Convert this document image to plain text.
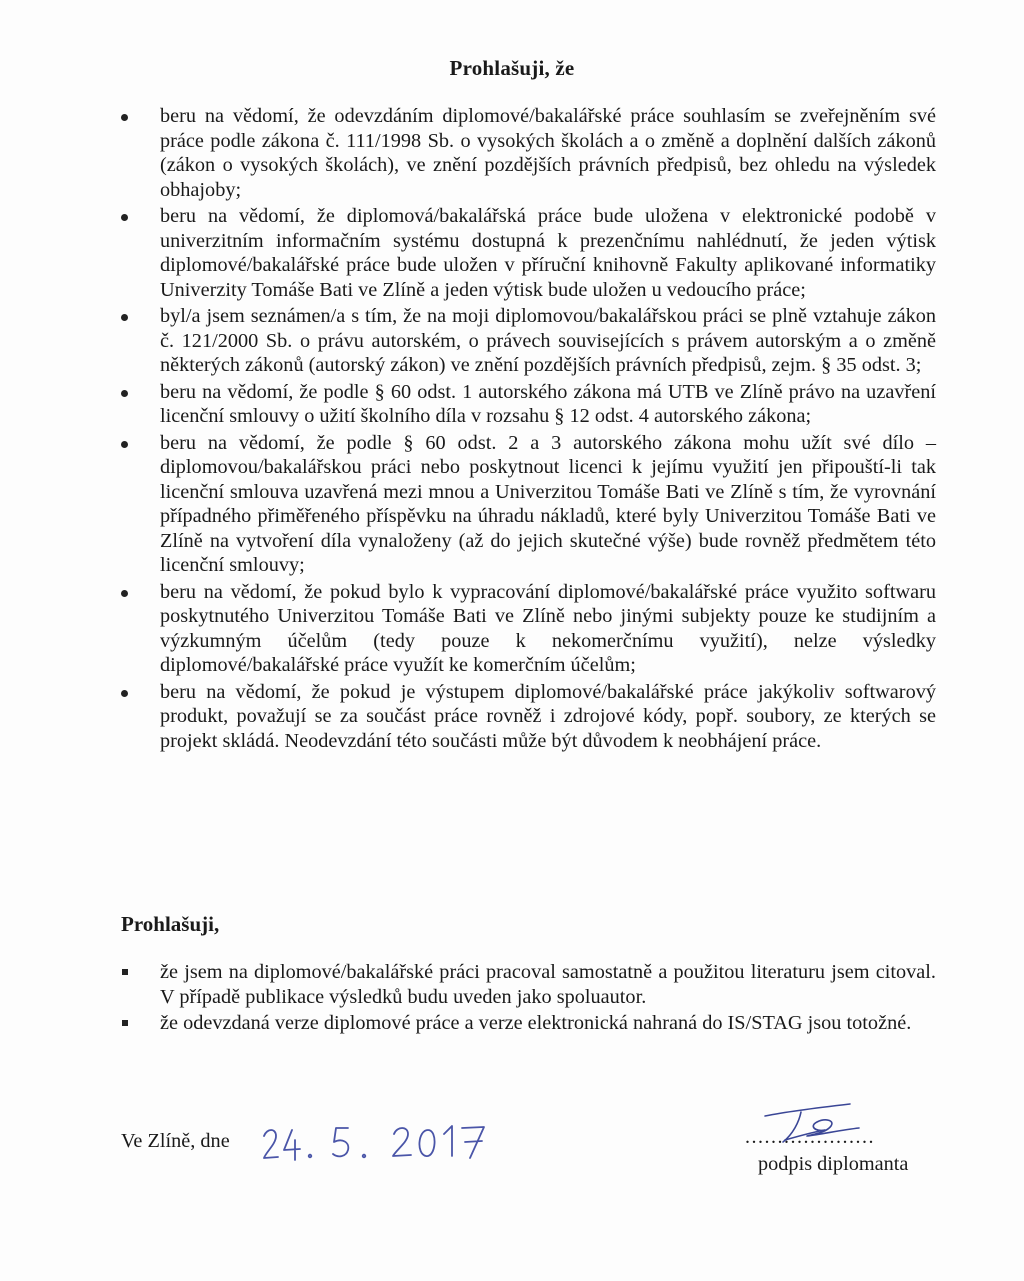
Prohlašuji, že
beru na vědomí, že odevzdáním diplomové/bakalářské práce souhlasím se zveřejněním své práce podle zákona č. 111/1998 Sb. o vysokých školách a o změně a doplnění dalších zákonů (zákon o vysokých školách), ve znění pozdějších právních předpisů, bez ohledu na výsledek obhajoby;
beru na vědomí, že diplomová/bakalářská práce bude uložena v elektronické podobě v univerzitním informačním systému dostupná k prezenčnímu nahlédnutí, že jeden výtisk diplomové/bakalářské práce bude uložen v příruční knihovně Fakulty aplikované informatiky Univerzity Tomáše Bati ve Zlíně a jeden výtisk bude uložen u vedoucího práce;
byl/a jsem seznámen/a s tím, že na moji diplomovou/bakalářskou práci se plně vztahuje zákon č. 121/2000 Sb. o právu autorském, o právech souvisejících s právem autorským a o změně některých zákonů (autorský zákon) ve znění pozdějších právních předpisů, zejm. § 35 odst. 3;
beru na vědomí, že podle § 60 odst. 1 autorského zákona má UTB ve Zlíně právo na uzavření licenční smlouvy o užití školního díla v rozsahu § 12 odst. 4 autorského zákona;
beru na vědomí, že podle § 60 odst. 2 a 3 autorského zákona mohu užít své dílo – diplomovou/bakalářskou práci nebo poskytnout licenci k jejímu využití jen připouští-li tak licenční smlouva uzavřená mezi mnou a Univerzitou Tomáše Bati ve Zlíně s tím, že vyrovnání případného přiměřeného příspěvku na úhradu nákladů, které byly Univerzitou Tomáše Bati ve Zlíně na vytvoření díla vynaloženy (až do jejich skutečné výše) bude rovněž předmětem této licenční smlouvy;
beru na vědomí, že pokud bylo k vypracování diplomové/bakalářské práce využito softwaru poskytnutého Univerzitou Tomáše Bati ve Zlíně nebo jinými subjekty pouze ke studijním a výzkumným účelům (tedy pouze k nekomerčnímu využití), nelze výsledky diplomové/bakalářské práce využít ke komerčním účelům;
beru na vědomí, že pokud je výstupem diplomové/bakalářské práce jakýkoliv softwarový produkt, považují se za součást práce rovněž i zdrojové kódy, popř. soubory, ze kterých se projekt skládá. Neodevzdání této součásti může být důvodem k neobhájení práce.
Prohlašuji,
že jsem na diplomové/bakalářské práci pracoval samostatně a použitou literaturu jsem citoval. V případě publikace výsledků budu uveden jako spoluautor.
že odevzdaná verze diplomové práce a verze elektronická nahraná do IS/STAG jsou totožné.
Ve Zlíně, dne	....................
podpis diplomanta
